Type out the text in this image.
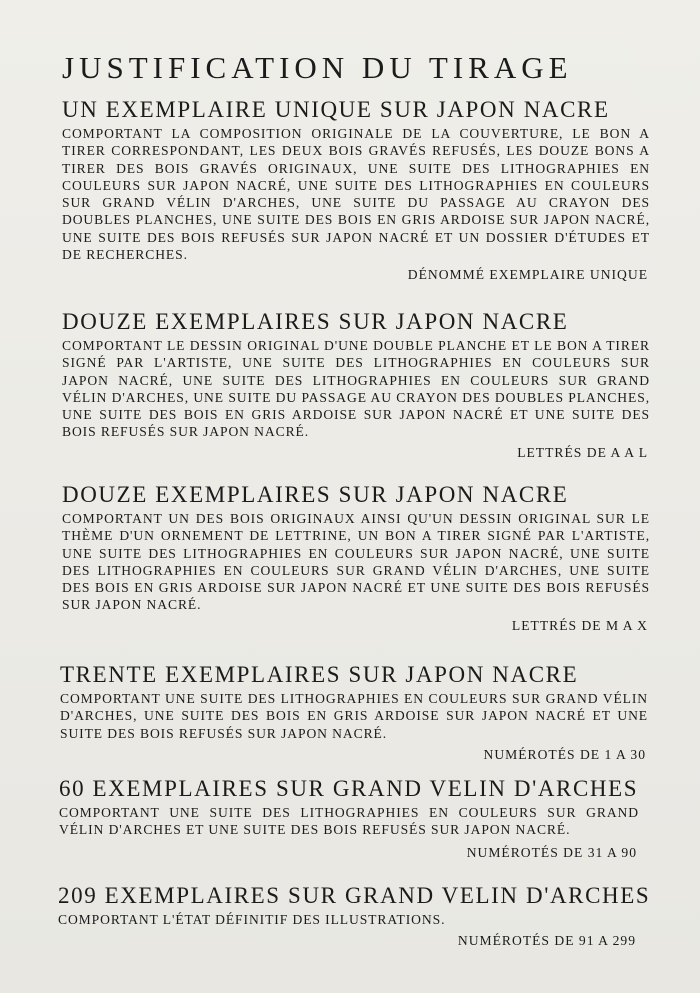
JUSTIFICATION DU TIRAGE
UN EXEMPLAIRE UNIQUE SUR JAPON NACRE
COMPORTANT LA COMPOSITION ORIGINALE DE LA COUVERTURE, LE BON A TIRER CORRESPONDANT, LES DEUX BOIS GRAVÉS REFUSÉS, LES DOUZE BONS A TIRER DES BOIS GRAVÉS ORIGINAUX, UNE SUITE DES LITHOGRAPHIES EN COULEURS SUR JAPON NACRÉ, UNE SUITE DES LITHOGRAPHIES EN COULEURS SUR GRAND VÉLIN D'ARCHES, UNE SUITE DU PASSAGE AU CRAYON DES DOUBLES PLANCHES, UNE SUITE DES BOIS EN GRIS ARDOISE SUR JAPON NACRÉ, UNE SUITE DES BOIS REFUSÉS SUR JAPON NACRÉ ET UN DOSSIER D'ÉTUDES ET DE RECHERCHES.
DÉNOMMÉ EXEMPLAIRE UNIQUE
DOUZE EXEMPLAIRES SUR JAPON NACRE
COMPORTANT LE DESSIN ORIGINAL D'UNE DOUBLE PLANCHE ET LE BON A TIRER SIGNÉ PAR L'ARTISTE, UNE SUITE DES LITHOGRAPHIES EN COULEURS SUR JAPON NACRÉ, UNE SUITE DES LITHOGRAPHIES EN COULEURS SUR GRAND VÉLIN D'ARCHES, UNE SUITE DU PASSAGE AU CRAYON DES DOUBLES PLANCHES, UNE SUITE DES BOIS EN GRIS ARDOISE SUR JAPON NACRÉ ET UNE SUITE DES BOIS REFUSÉS SUR JAPON NACRÉ.
LETTRÉS DE A A L
DOUZE EXEMPLAIRES SUR JAPON NACRE
COMPORTANT UN DES BOIS ORIGINAUX AINSI QU'UN DESSIN ORIGINAL SUR LE THÈME D'UN ORNEMENT DE LETTRINE, UN BON A TIRER SIGNÉ PAR L'ARTISTE, UNE SUITE DES LITHOGRAPHIES EN COULEURS SUR JAPON NACRÉ, UNE SUITE DES LITHOGRAPHIES EN COULEURS SUR GRAND VÉLIN D'ARCHES, UNE SUITE DES BOIS EN GRIS ARDOISE SUR JAPON NACRÉ ET UNE SUITE DES BOIS REFUSÉS SUR JAPON NACRÉ.
LETTRÉS DE M A X
TRENTE EXEMPLAIRES SUR JAPON NACRE
COMPORTANT UNE SUITE DES LITHOGRAPHIES EN COULEURS SUR GRAND VÉLIN D'ARCHES, UNE SUITE DES BOIS EN GRIS ARDOISE SUR JAPON NACRÉ ET UNE SUITE DES BOIS REFUSÉS SUR JAPON NACRÉ.
NUMÉROTÉS DE 1 A 30
60 EXEMPLAIRES SUR GRAND VELIN D'ARCHES
COMPORTANT UNE SUITE DES LITHOGRAPHIES EN COULEURS SUR GRAND VÉLIN D'ARCHES ET UNE SUITE DES BOIS REFUSÉS SUR JAPON NACRÉ.
NUMÉROTÉS DE 31 A 90
209 EXEMPLAIRES SUR GRAND VELIN D'ARCHES
COMPORTANT L'ÉTAT DÉFINITIF DES ILLUSTRATIONS.
NUMÉROTÉS DE 91 A 299
